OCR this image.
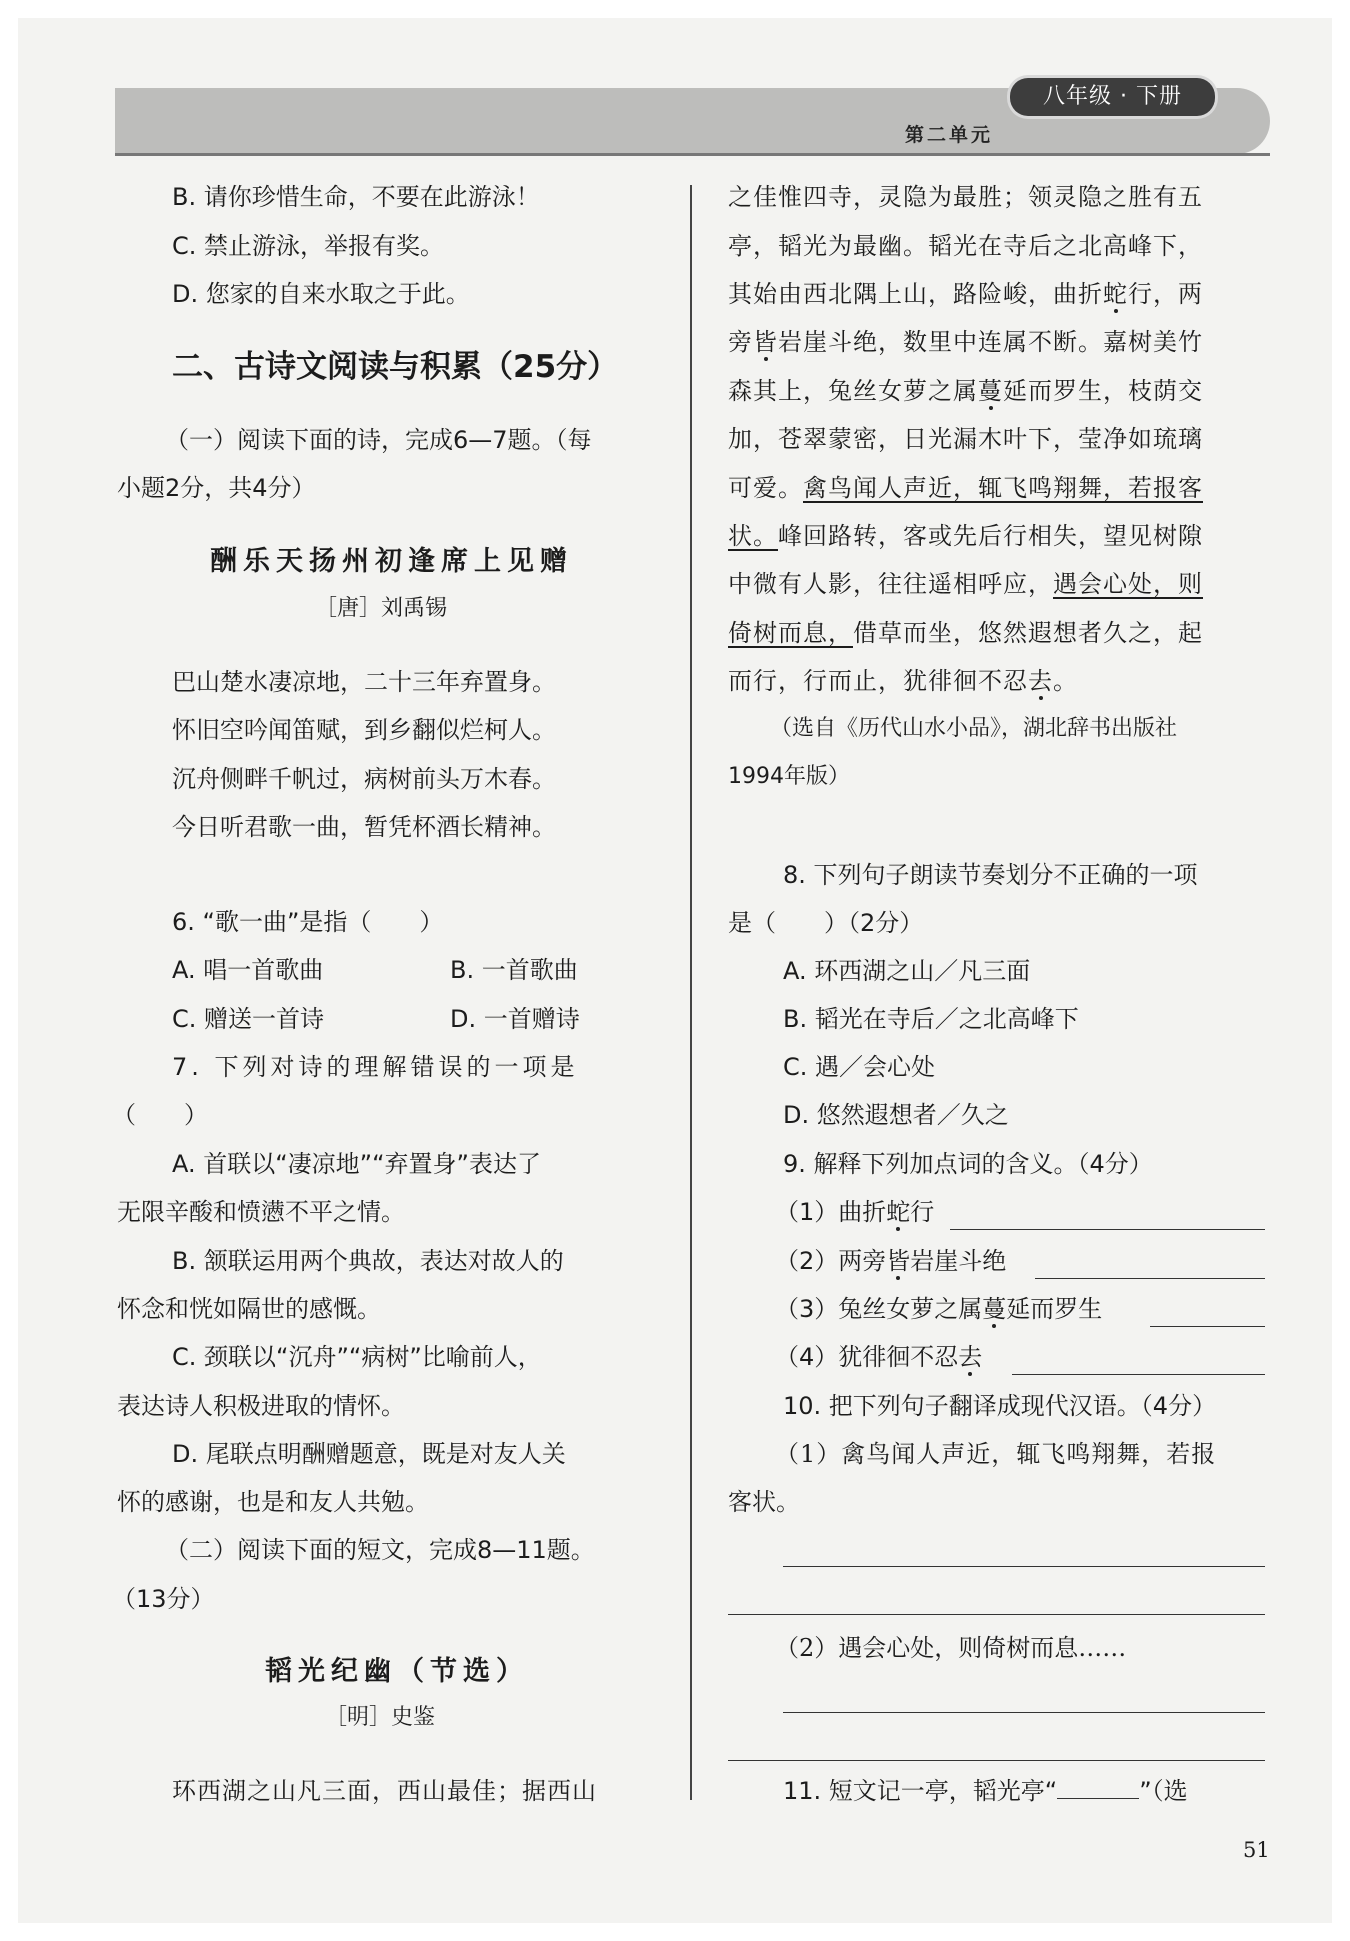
八年级 · 下册
第二单元
B. 请你珍惜生命，不要在此游泳！
C. 禁止游泳，举报有奖。
D. 您家的自来水取之于此。
二、古诗文阅读与积累（25分）
（一）阅读下面的诗，完成6—7题。（每
小题2分，共4分）
酬乐天扬州初逢席上见赠
［唐］刘禹锡
巴山楚水凄凉地，二十三年弃置身。
怀旧空吟闻笛赋，到乡翻似烂柯人。
沉舟侧畔千帆过，病树前头万木春。
今日听君歌一曲，暂凭杯酒长精神。
6. “歌一曲”是指（　　）
A. 唱一首歌曲	B. 一首歌曲
C. 赠送一首诗	D. 一首赠诗
7. 下列对诗的理解错误的一项是
（　　）
A. 首联以“凄凉地”“弃置身”表达了
无限辛酸和愤懑不平之情。
B. 颔联运用两个典故，表达对故人的
怀念和恍如隔世的感慨。
C. 颈联以“沉舟”“病树”比喻前人，
表达诗人积极进取的情怀。
D. 尾联点明酬赠题意，既是对友人关
怀的感谢，也是和友人共勉。
（二）阅读下面的短文，完成8—11题。
（13分）
韬光纪幽（节选）
［明］史鉴
环西湖之山凡三面，西山最佳；据西山
之佳惟四寺，灵隐为最胜；领灵隐之胜有五
亭，韬光为最幽。韬光在寺后之北高峰下，
其始由西北隅上山，路险峻，曲折蛇行，两
旁皆岩崖斗绝，数里中连属不断。嘉树美竹
森其上，兔丝女萝之属蔓延而罗生，枝荫交
加，苍翠蒙密，日光漏木叶下，莹净如琉璃
可爱。禽鸟闻人声近，辄飞鸣翔舞，若报客
状。峰回路转，客或先后行相失，望见树隙
中微有人影，往往遥相呼应，遇会心处，则
倚树而息，借草而坐，悠然遐想者久之，起
而行，行而止，犹徘徊不忍去。
（选自《历代山水小品》，湖北辞书出版社
1994年版）
8. 下列句子朗读节奏划分不正确的一项
是（　　）（2分）
A. 环西湖之山／凡三面
B. 韬光在寺后／之北高峰下
C. 遇／会心处
D. 悠然遐想者／久之
9. 解释下列加点词的含义。（4分）
（1）曲折蛇行
（2）两旁皆岩崖斗绝
（3）兔丝女萝之属蔓延而罗生
（4）犹徘徊不忍去
10. 把下列句子翻译成现代汉语。（4分）
（1）禽鸟闻人声近，辄飞鸣翔舞，若报
客状。
（2）遇会心处，则倚树而息……
11. 短文记一亭，韬光亭“	”（选
51
